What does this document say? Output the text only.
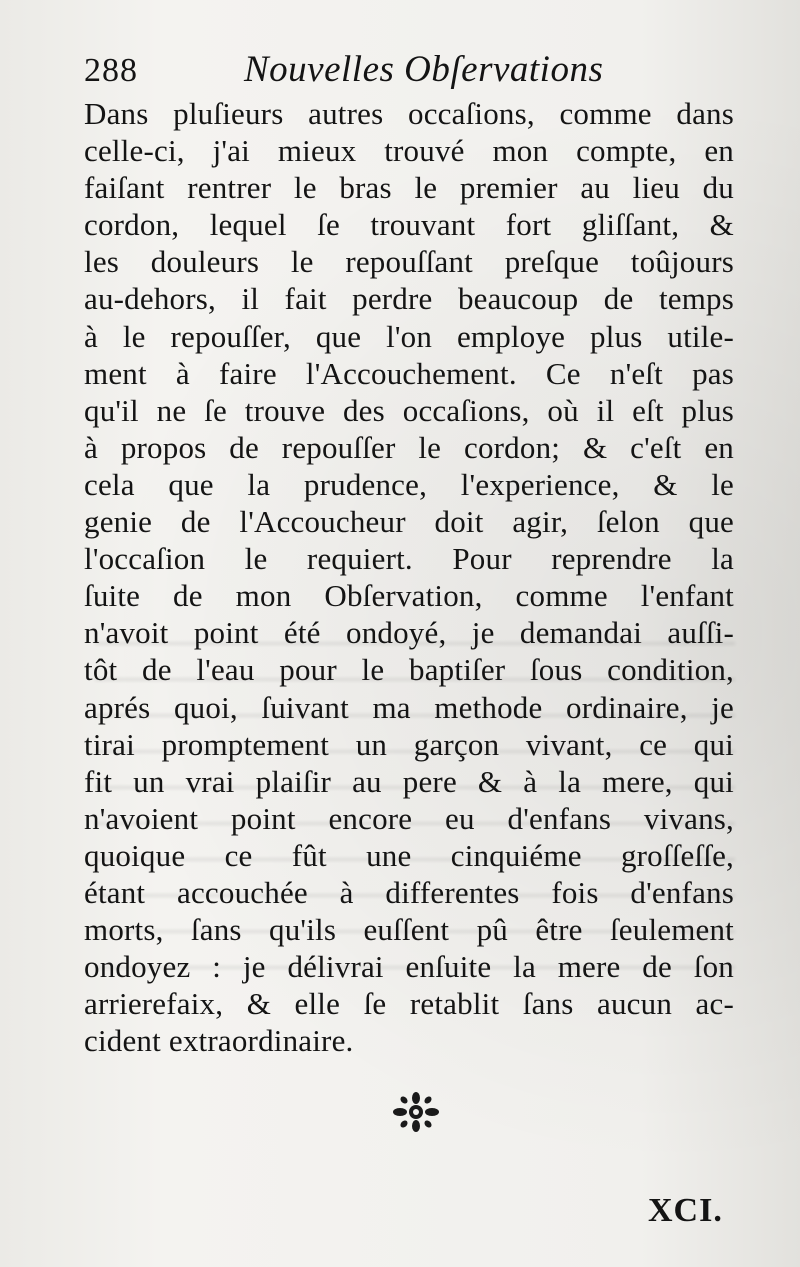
288	Nouvelles Obſervations
Dans pluſieurs autres occaſions, comme dans
celle-ci, j'ai mieux trouvé mon compte, en
faiſant rentrer le bras le premier au lieu du
cordon, lequel ſe trouvant fort gliſſant, &
les douleurs le repouſſant preſque toûjours
au-dehors, il fait perdre beaucoup de temps
à le repouſſer, que l'on employe plus utile-
ment à faire l'Accouchement. Ce n'eſt pas
qu'il ne ſe trouve des occaſions, où il eſt plus
à propos de repouſſer le cordon; & c'eſt en
cela que la prudence, l'experience, & le
genie de l'Accoucheur doit agir, ſelon que
l'occaſion le requiert. Pour reprendre la
ſuite de mon Obſervation, comme l'enfant
n'avoit point été ondoyé, je demandai auſſi-
tôt de l'eau pour le baptiſer ſous condition,
aprés quoi, ſuivant ma methode ordinaire, je
tirai promptement un garçon vivant, ce qui
fit un vrai plaiſir au pere & à la mere, qui
n'avoient point encore eu d'enfans vivans,
quoique ce fût une cinquiéme groſſeſſe,
étant accouchée à differentes fois d'enfans
morts, ſans qu'ils euſſent pû être ſeulement
ondoyez : je délivrai enſuite la mere de ſon
arrierefaix, & elle ſe retablit ſans aucun ac-
cident extraordinaire.
XCI.
